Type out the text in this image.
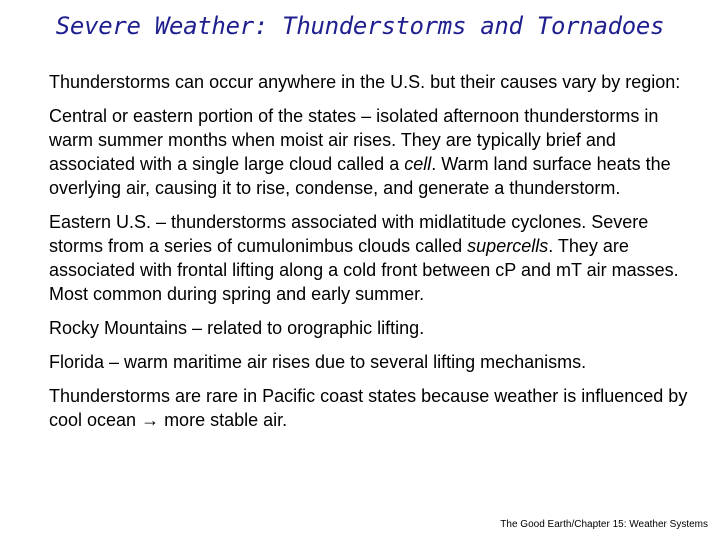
Severe Weather: Thunderstorms and Tornadoes

Thunderstorms can occur anywhere in the U.S. but their causes vary by region:

Central or eastern portion of the states – isolated afternoon thunderstorms in warm summer months when moist air rises. They are typically brief and associated with a single large cloud called a cell. Warm land surface heats the overlying air, causing it to rise, condense, and generate a thunderstorm.

Eastern U.S. – thunderstorms associated with midlatitude cyclones. Severe storms from a series of cumulonimbus clouds called supercells. They are associated with frontal lifting along a cold front between cP and mT air masses. Most common during spring and early summer.

Rocky Mountains – related to orographic lifting.

Florida – warm maritime air rises due to several lifting mechanisms.

Thunderstorms are rare in Pacific coast states because weather is influenced by cool ocean → more stable air.

The Good Earth/Chapter 15: Weather Systems
